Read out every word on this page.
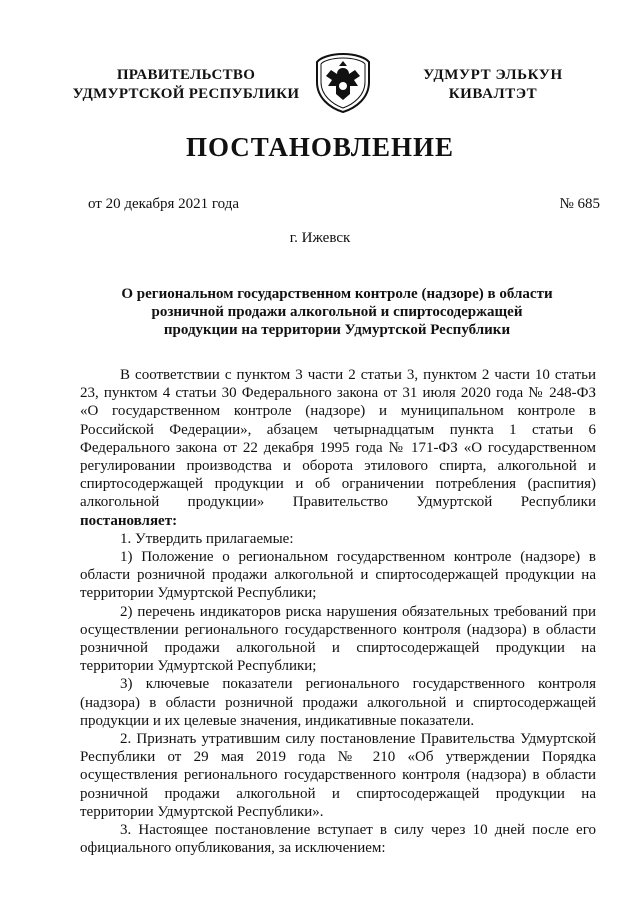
ПРАВИТЕЛЬСТВО
УДМУРТСКОЙ РЕСПУБЛИКИ
УДМУРТ ЭЛЬКУН
КИВАЛТЭТ
ПОСТАНОВЛЕНИЕ
от 20 декабря 2021 года	№ 685
г. Ижевск
О региональном государственном контроле (надзоре) в области
розничной продажи алкогольной и спиртосодержащей
продукции на территории Удмуртской Республики

В соответствии с пунктом 3 части 2 статьи 3, пунктом 2 части 10 статьи 23, пунктом 4 статьи 30 Федерального закона от 31 июля 2020 года № 248-ФЗ «О государственном контроле (надзоре) и муниципальном контроле в Российской Федерации», абзацем четырнадцатым пункта 1 статьи 6 Федерального закона от 22 декабря 1995 года № 171-ФЗ «О государственном регулировании производства и оборота этилового спирта, алкогольной и спиртосодержащей продукции и об ограничении потребления (распития) алкогольной продукции» Правительство Удмуртской Республики постановляет:

1. Утвердить прилагаемые:

1) Положение о региональном государственном контроле (надзоре) в области розничной продажи алкогольной и спиртосодержащей продукции на территории Удмуртской Республики;

2) перечень индикаторов риска нарушения обязательных требований при осуществлении регионального государственного контроля (надзора) в области розничной продажи алкогольной и спиртосодержащей продукции на территории Удмуртской Республики;

3) ключевые показатели регионального государственного контроля (надзора) в области розничной продажи алкогольной и спиртосодержащей продукции и их целевые значения, индикативные показатели.

2. Признать утратившим силу постановление Правительства Удмуртской Республики от 29 мая 2019 года № 210 «Об утверждении Порядка осуществления регионального государственного контроля (надзора) в области розничной продажи алкогольной и спиртосодержащей продукции на территории Удмуртской Республики».

3. Настоящее постановление вступает в силу через 10 дней после его официального опубликования, за исключением:
